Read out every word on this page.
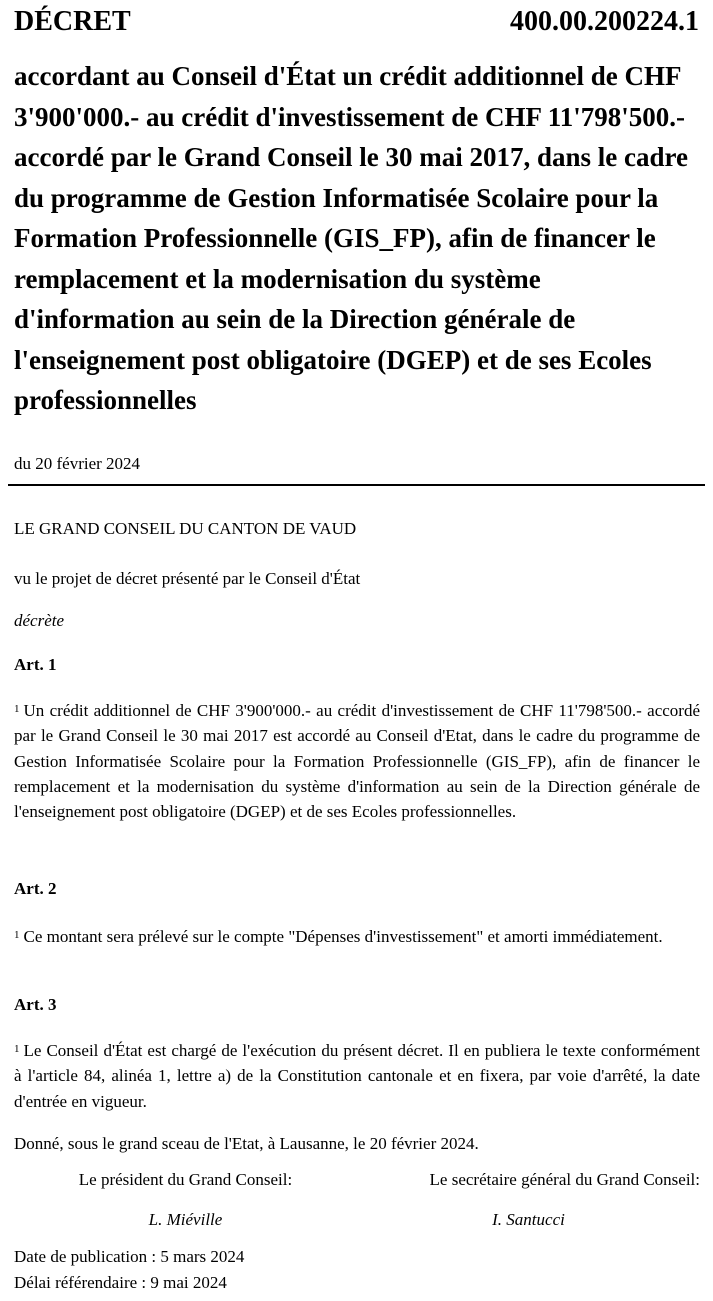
DÉCRET	400.00.200224.1
accordant au Conseil d'État un crédit additionnel de CHF 3'900'000.- au crédit d'investissement de CHF 11'798'500.- accordé par le Grand Conseil le 30 mai 2017, dans le cadre du programme de Gestion Informatisée Scolaire pour la Formation Professionnelle (GIS_FP), afin de financer le remplacement et la modernisation du système d'information au sein de la Direction générale de l'enseignement post obligatoire (DGEP) et de ses Ecoles professionnelles
du 20 février 2024
LE GRAND CONSEIL DU CANTON DE VAUD
vu le projet de décret présenté par le Conseil d'État
décrète
Art. 1
$^1$ Un crédit additionnel de CHF 3'900'000.- au crédit d'investissement de CHF 11'798'500.- accordé par le Grand Conseil le 30 mai 2017 est accordé au Conseil d'Etat, dans le cadre du programme de Gestion Informatisée Scolaire pour la Formation Professionnelle (GIS_FP), afin de financer le remplacement et la modernisation du système d'information au sein de la Direction générale de l'enseignement post obligatoire (DGEP) et de ses Ecoles professionnelles.
Art. 2
$^1$ Ce montant sera prélevé sur le compte "Dépenses d'investissement" et amorti immédiatement.
Art. 3
$^1$ Le Conseil d'État est chargé de l'exécution du présent décret. Il en publiera le texte conformément à l'article 84, alinéa 1, lettre a) de la Constitution cantonale et en fixera, par voie d'arrêté, la date d'entrée en vigueur.
Donné, sous le grand sceau de l'Etat, à Lausanne, le 20 février 2024.
Le président du Grand Conseil:	Le secrétaire général du Grand Conseil:
L. Miéville	I. Santucci
Date de publication : 5 mars 2024
Délai référendaire : 9 mai 2024
